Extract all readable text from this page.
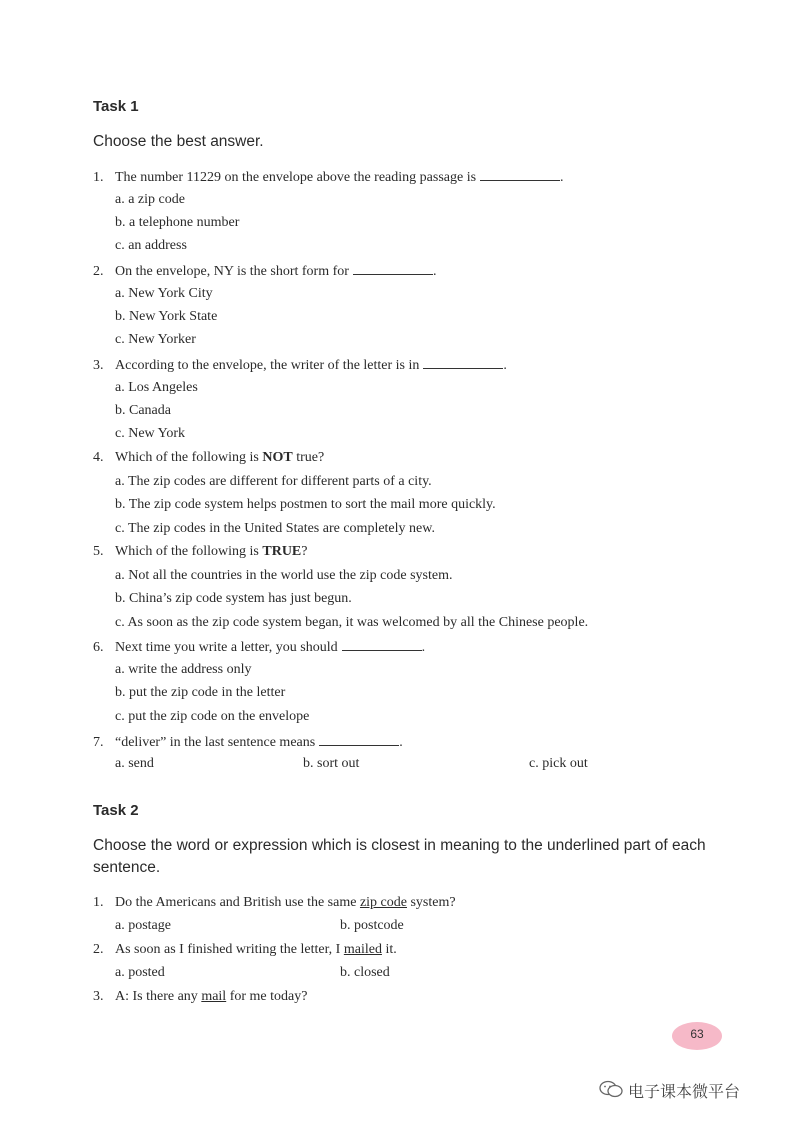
Task 1
Choose the best answer.
1. The number 11229 on the envelope above the reading passage is	.
a. a zip code
b. a telephone number
c. an address
2. On the envelope, NY is the short form for	.
a. New York City
b. New York State
c. New Yorker
3. According to the envelope, the writer of the letter is in	.
a. Los Angeles
b. Canada
c. New York
4. Which of the following is NOT true?
a. The zip codes are different for different parts of a city.
b. The zip code system helps postmen to sort the mail more quickly.
c. The zip codes in the United States are completely new.
5. Which of the following is TRUE?
a. Not all the countries in the world use the zip code system.
b. China’s zip code system has just begun.
c. As soon as the zip code system began, it was welcomed by all the Chinese people.
6. Next time you write a letter, you should	.
a. write the address only
b. put the zip code in the letter
c. put the zip code on the envelope
7. “deliver” in the last sentence means	.
a. send	b. sort out	c. pick out
Task 2
Choose the word or expression which is closest in meaning to the underlined part of each sentence.
1. Do the Americans and British use the same zip code system?
a. postage	b. postcode
2. As soon as I finished writing the letter, I mailed it.
a. posted	b. closed
3. A: Is there any mail for me today?
63
电子课本微平台
